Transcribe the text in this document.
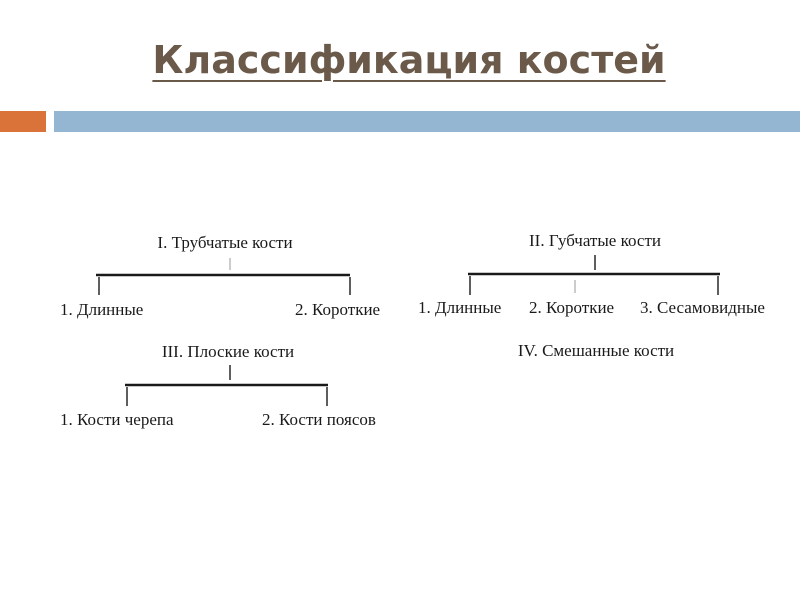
Классификация костей
I. Трубчатые кости
1. Длинные	2. Короткие
II. Губчатые кости
1. Длинные 2. Короткие 3. Сесамовидные
III. Плоские кости
1. Кости черепа	2. Кости поясов
IV. Смешанные кости
